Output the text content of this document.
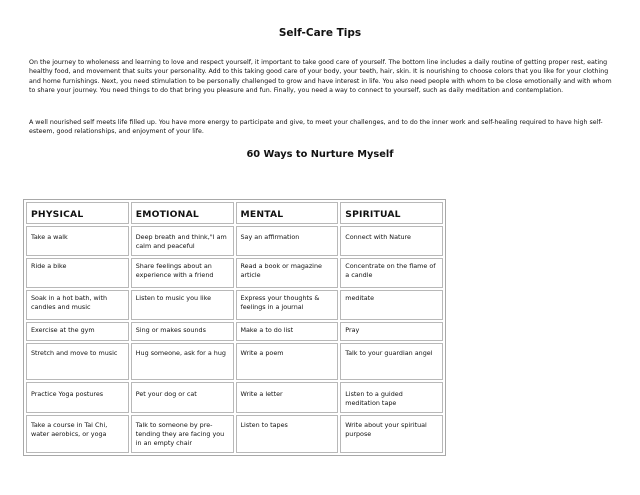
Self-Care Tips

On the journey to wholeness and learning to love and respect yourself, it important to take good care of yourself. The bottom line includes a daily routine of getting proper rest, eating healthy food, and movement that suits your personality. Add to this taking good care of your body, your teeth, hair, skin. It is nourishing to choose colors that you like for your clothing and home furnishings. Next, you need stimulation to be personally challenged to grow and have interest in life. You also need people with whom to be close emotionally and with whom to share your journey. You need things to do that bring you pleasure and fun. Finally, you need a way to connect to yourself, such as daily meditation and contemplation.

A well nourished self meets life filled up. You have more energy to participate and give, to meet your challenges, and to do the inner work and self-healing required to have high self-esteem, good relationships, and enjoyment of your life.

60 Ways to Nurture Myself
PHYSICAL	EMOTIONAL	MENTAL	SPIRITUAL
Take a walk	Deep breath and think,"I am calm and peaceful	Say an affirmation	Connect with Nature
Ride a bike	Share feelings about an experience with a friend	Read a book or magazine article	Concentrate on the flame of a candle
Soak in a hot bath, with candles and music	Listen to music you like	Express your thoughts & feelings in a journal	meditate
Exercise at the gym	Sing or makes sounds	Make a to do list	Pray
Stretch and move to music	Hug someone, ask for a hug	Write a poem	Talk to your guardian angel
Practice Yoga postures	Pet your dog or cat	Write a letter	Listen to a guided meditation tape
Take a course in Tai Chi, water aerobics, or yoga	Talk to someone by pre-tending they are facing you in an empty chair	Listen to tapes	Write about your spiritual purpose
